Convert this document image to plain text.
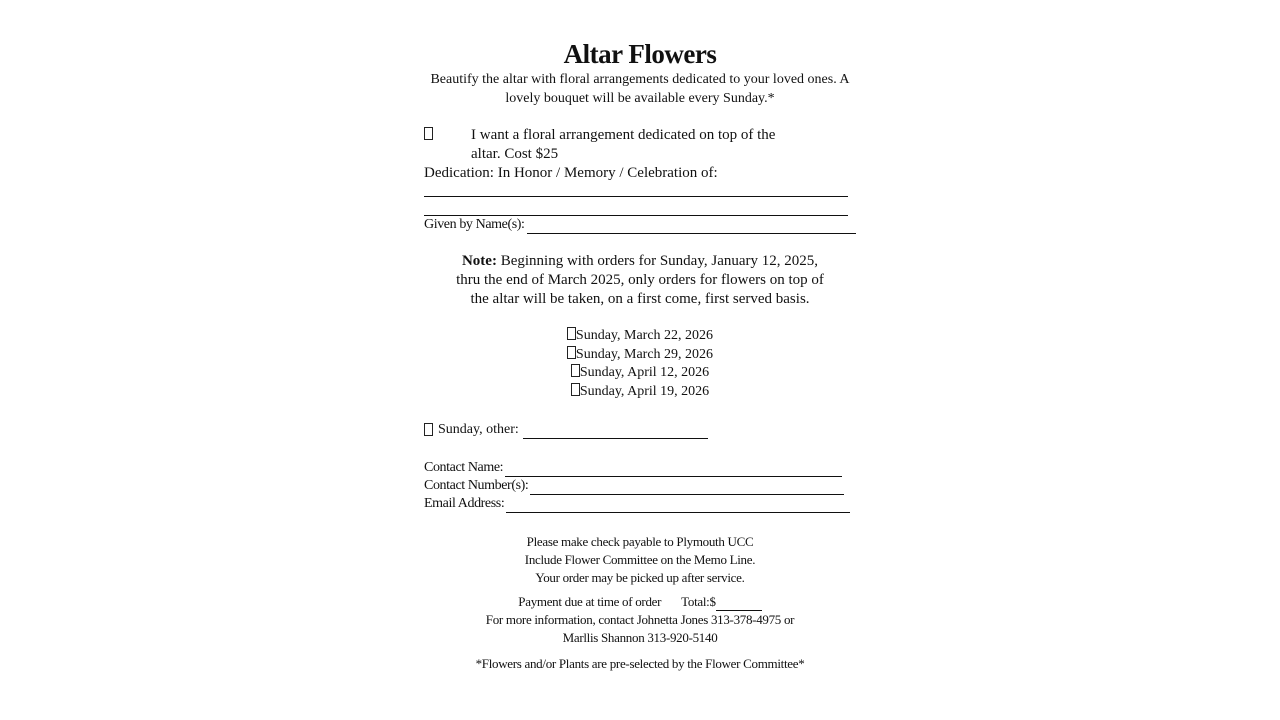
Altar Flowers

Beautify the altar with floral arrangements dedicated to your loved ones. A lovely bouquet will be available every Sunday.*

I want a floral arrangement dedicated on top of the
altar. Cost $25
Dedication: In Honor / Memory / Celebration of:
Given by Name(s):
Note: Beginning with orders for Sunday, January 12, 2025,
thru the end of March 2025, only orders for flowers on top of
the altar will be taken, on a first come, first served basis.
Sunday, March 22, 2026
Sunday, March 29, 2026
Sunday, April 12, 2026
Sunday, April 19, 2026
Sunday, other:
Contact Name:
Contact Number(s):
Email Address:
Please make check payable to Plymouth UCC
Include Flower Committee on the Memo Line.
Your order may be picked up after service.
Payment due at time of order Total:$
For more information, contact Johnetta Jones 313-378-4975 or
Marllis Shannon 313-920-5140
*Flowers and/or Plants are pre-selected by the Flower Committee*
